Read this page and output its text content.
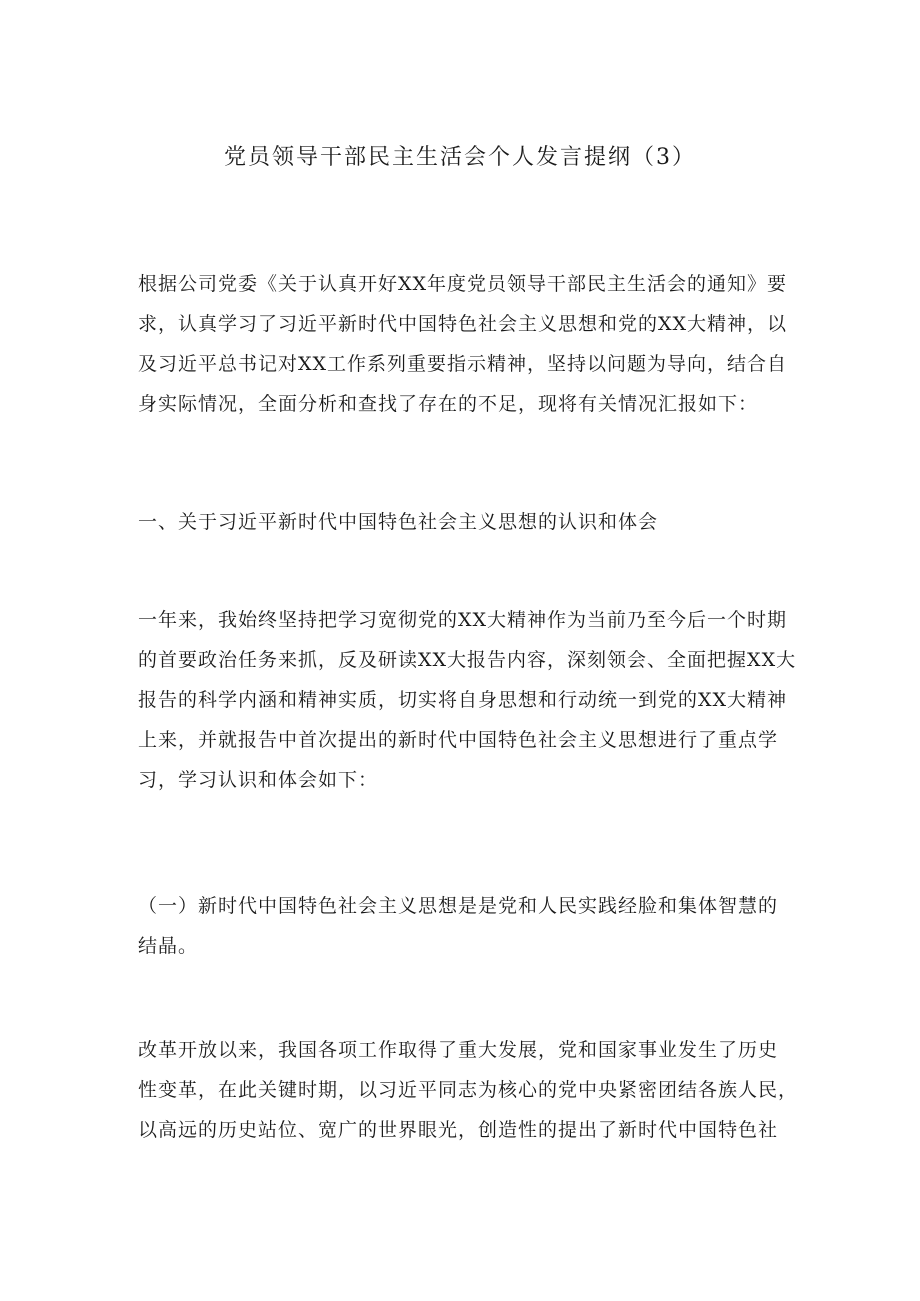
党员领导干部民主生活会个人发言提纲（3）

根据公司党委《关于认真开好XX年度党员领导干部民主生活会的通知》要
求，认真学习了习近平新时代中国特色社会主义思想和党的XX大精神，以
及习近平总书记对XX工作系列重要指示精神，坚持以问题为导向，结合自
身实际情况，全面分析和查找了存在的不足，现将有关情况汇报如下：

一、关于习近平新时代中国特色社会主义思想的认识和体会

一年来，我始终坚持把学习宽彻党的XX大精神作为当前乃至今后一个时期
的首要政治任务来抓，反及研读XX大报告内容，深刻领会、全面把握XX大
报告的科学内涵和精神实质，切实将自身思想和行动统一到党的XX大精神
上来，并就报告中首次提出的新时代中国特色社会主义思想进行了重点学
习，学习认识和体会如下：

（一）新时代中国特色社会主义思想是是党和人民实践经脸和集体智慧的
结晶。

改革开放以来，我国各项工作取得了重大发展，党和国家事业发生了历史
性变革，在此关键时期，以习近平同志为核心的党中央紧密团结各族人民，
以高远的历史站位、宽广的世界眼光，创造性的提出了新时代中国特色社
